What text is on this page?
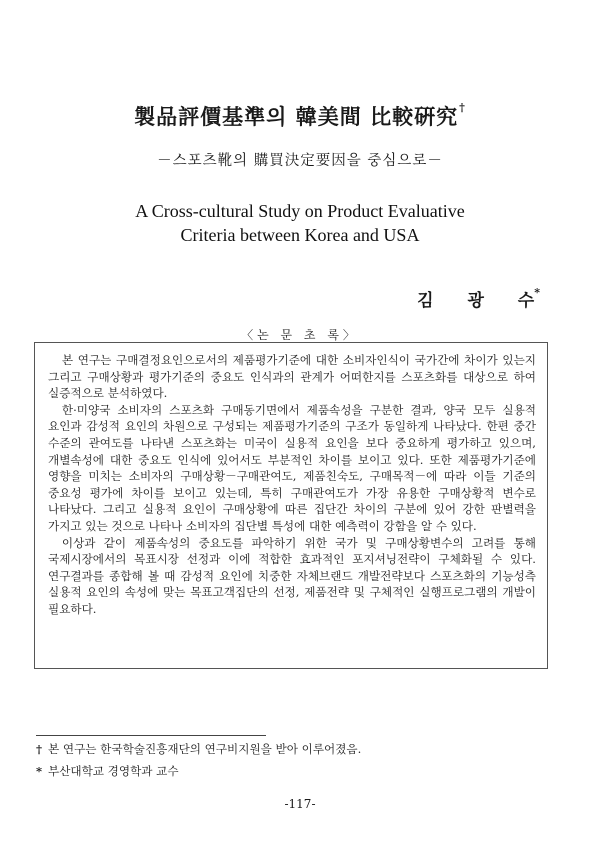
製品評價基準의 韓美間 比較硏究†
－스포츠靴의 購買決定要因을 중심으로－
A Cross-cultural Study on Product Evaluative
Criteria between Korea and USA
김 광 수*
〈논 문 초 록〉

본 연구는 구매결정요인으로서의 제품평가기준에 대한 소비자인식이 국가간에 차이가 있는지 그리고 구매상황과 평가기준의 중요도 인식과의 관계가 어떠한지를 스포츠화를 대상으로 하여 실증적으로 분석하였다.

한·미양국 소비자의 스포츠화 구매동기면에서 제품속성을 구분한 결과, 양국 모두 실용적 요인과 감성적 요인의 차원으로 구성되는 제품평가기준의 구조가 동일하게 나타났다. 한편 중간 수준의 관여도를 나타낸 스포츠화는 미국이 실용적 요인을 보다 중요하게 평가하고 있으며, 개별속성에 대한 중요도 인식에 있어서도 부분적인 차이를 보이고 있다. 또한 제품평가기준에 영향을 미치는 소비자의 구매상황－구매관여도, 제품친숙도, 구매목적－에 따라 이들 기준의 중요성 평가에 차이를 보이고 있는데, 특히 구매관여도가 가장 유용한 구매상황적 변수로 나타났다. 그리고 실용적 요인이 구매상황에 따른 집단간 차이의 구분에 있어 강한 판별력을 가지고 있는 것으로 나타나 소비자의 집단별 특성에 대한 예측력이 강함을 알 수 있다.

이상과 같이 제품속성의 중요도를 파악하기 위한 국가 및 구매상황변수의 고려를 통해 국제시장에서의 목표시장 선정과 이에 적합한 효과적인 포지셔닝전략이 구체화될 수 있다. 연구결과를 종합해 볼 때 감성적 요인에 치중한 자체브랜드 개발전략보다 스포츠화의 기능성측 실용적 요인의 속성에 맞는 목표고객집단의 선정, 제품전략 및 구체적인 실행프로그램의 개발이 필요하다.

† 본 연구는 한국학술진흥재단의 연구비지원을 받아 이루어졌음.
* 부산대학교 경영학과 교수
-117-
